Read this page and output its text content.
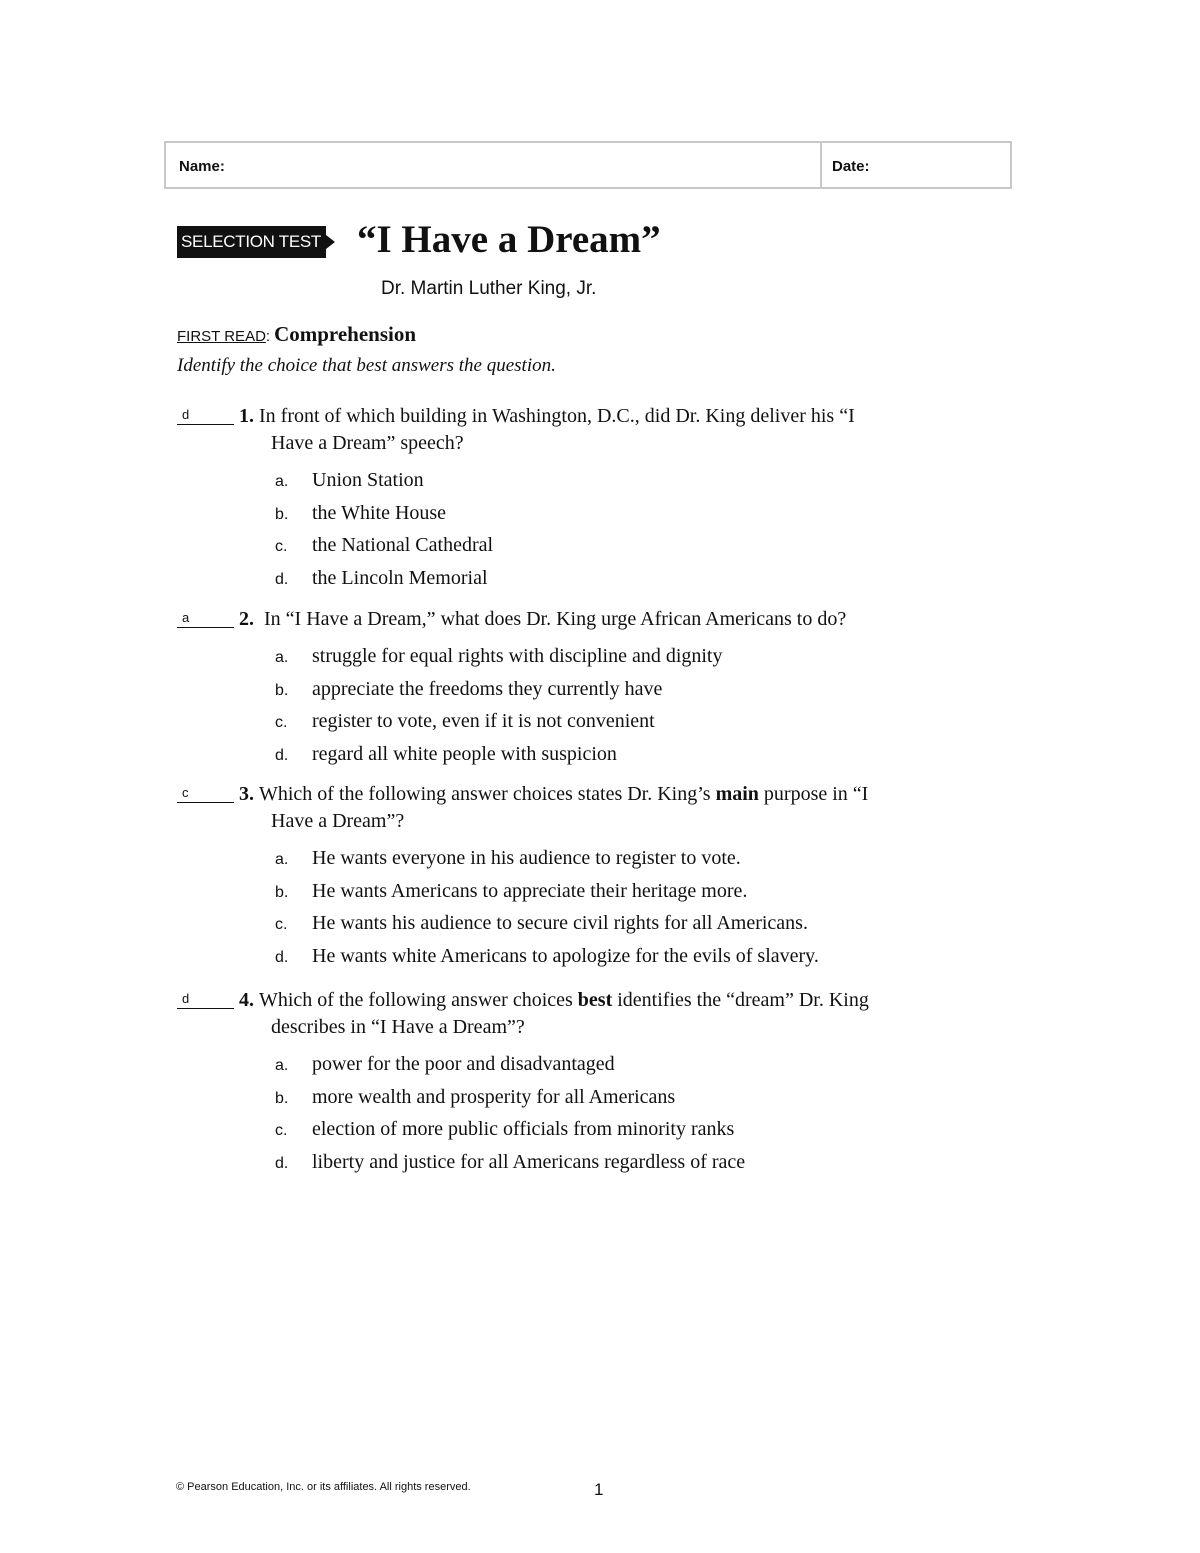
Name:	Date:
SELECTION TEST “I Have a Dream”
Dr. Martin Luther King, Jr.
FIRST READ: Comprehension
Identify the choice that best answers the question.
d 1. In front of which building in Washington, D.C., did Dr. King deliver his “I
Have a Dream” speech?
a. Union Station
b. the White House
c. the National Cathedral
d. the Lincoln Memorial
a 2. In “I Have a Dream,” what does Dr. King urge African Americans to do?
a. struggle for equal rights with discipline and dignity
b. appreciate the freedoms they currently have
c. register to vote, even if it is not convenient
d. regard all white people with suspicion
c	3. Which of the following answer choices states Dr. King’s main purpose in “I
Have a Dream”?
a. He wants everyone in his audience to register to vote.
b. He wants Americans to appreciate their heritage more.
c. He wants his audience to secure civil rights for all Americans.
d. He wants white Americans to apologize for the evils of slavery.
d 4. Which of the following answer choices best identifies the “dream” Dr. King
describes in “I Have a Dream”?
a. power for the poor and disadvantaged
b. more wealth and prosperity for all Americans
c. election of more public officials from minority ranks
d. liberty and justice for all Americans regardless of race
© Pearson Education, Inc. or its affiliates. All rights reserved.	1
